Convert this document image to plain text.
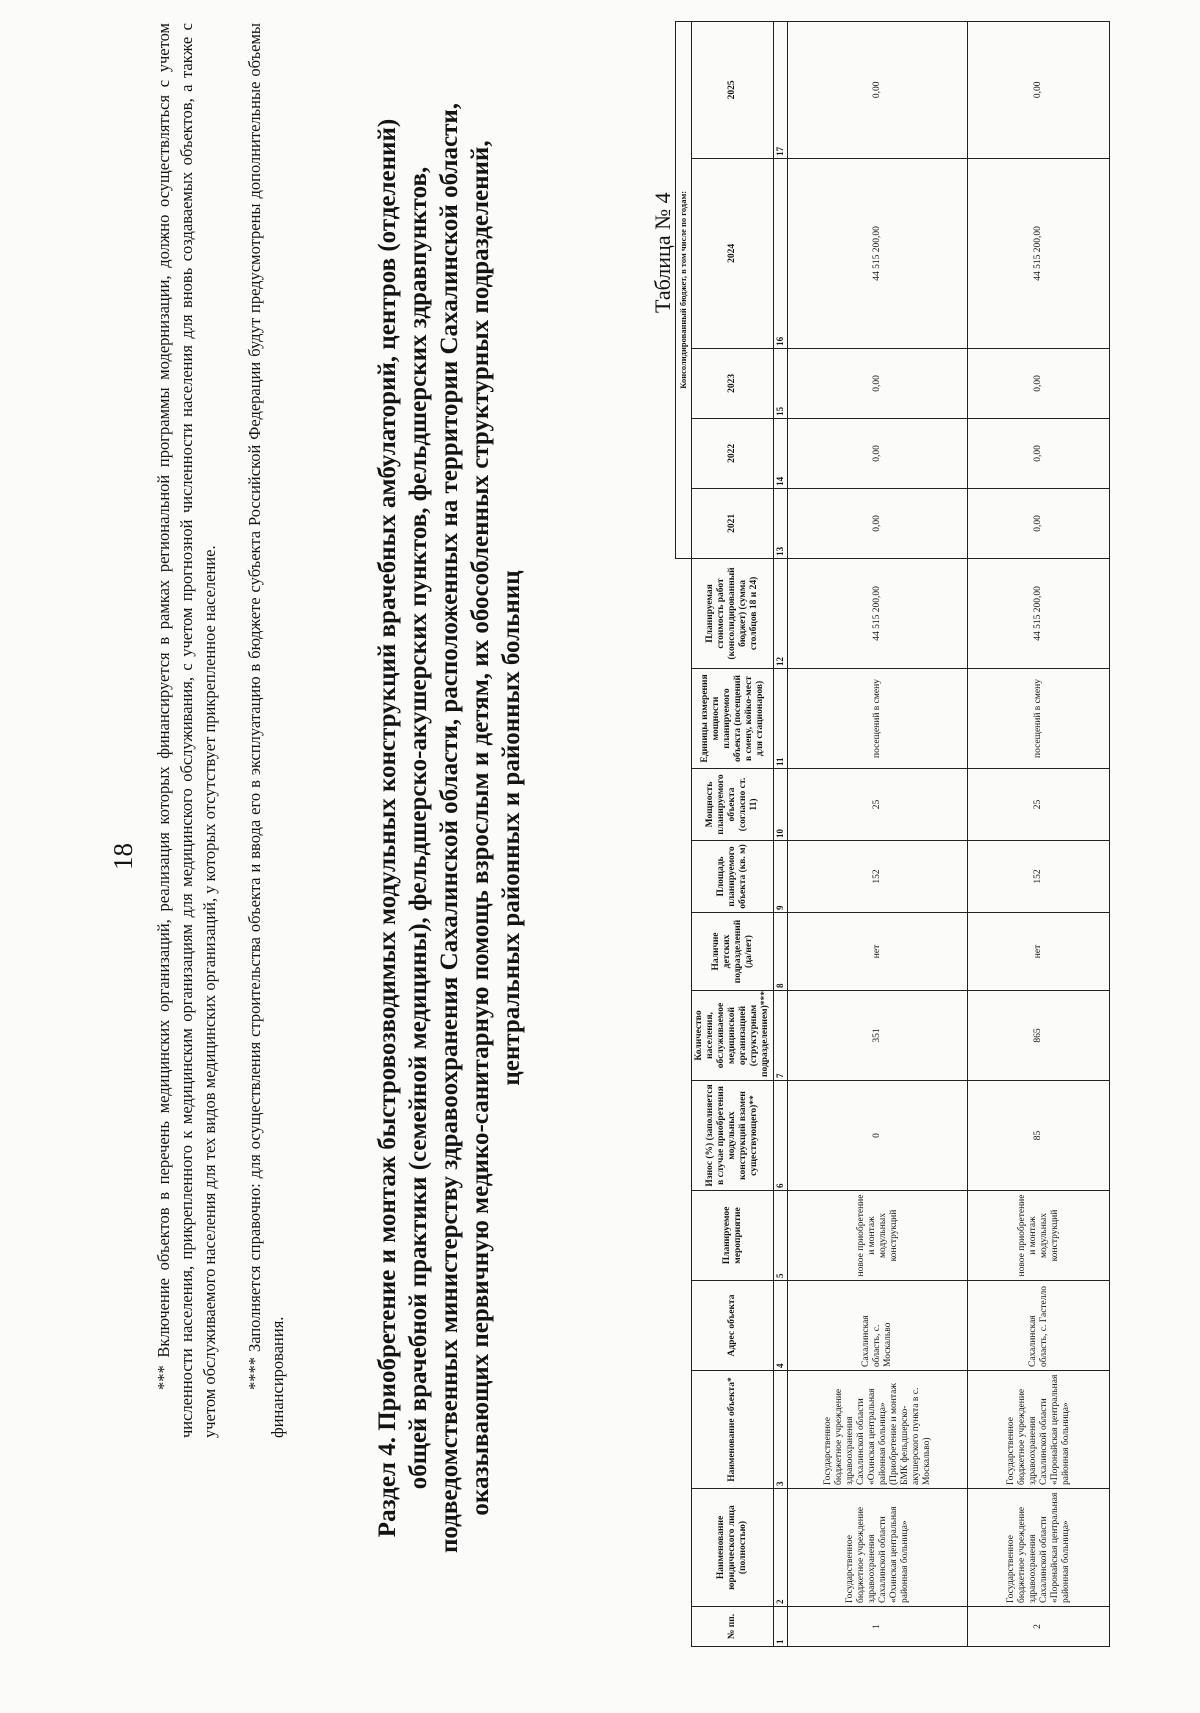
18 *** Включение объектов в перечень медицинских организаций, реализация которых финансируется в рамках региональной программы модернизации, должно осуществляться с учетом численности населения, прикрепленного к медицинским организациям для медицинского обслуживания, с учетом прогнозной численности населения для вновь создаваемых объектов, а также с учетом обслуживаемого населения для тех видов медицинских организаций, у которых отсутствует прикрепленное население. **** Заполняется справочно: для осуществления строительства объекта и ввода его в эксплуатацию в бюджете субъекта Российской Федерации будут предусмотрены дополнительные объемы финансирования.	Раздел 4. Приобретение и монтаж быстровозводимых модульных конструкций врачебных амбулаторий, центров (отделений) общей врачебной практики (семейной медицины), фельдшерско-акушерских пунктов, фельдшерских здравпунктов, подведомственных министерству здравоохранения Сахалинской области, расположенных на территории Сахалинской области, оказывающих первичную медико-санитарную помощь взрослым и детям, их обособленных структурных подразделений, центральных районных и районных больниц
Таблица № 4
												Консолидированный бюджет, в том числе по годам:				
№ пп.	Наименование юридического лица (полностью)	Наименование объекта*	Адрес объекта	Планируемое мероприятие	Износ (%) (заполняется в случае приобретения модульных конструкций взамен существующего)**	Количество населения, обслуживаемое медицинской организацией (структурным подразделением)***	Наличие детских подразделений (да/нет)	Площадь планируемого объекта (кв. м)	Мощность планируемого объекта (согласно ст. 11)	Единицы измерения мощности планируемого объекта (посещений в смену, койко-мест для стационаров)	Планируемая стоимость работ (консолидированный бюджет) (сумма столбцов 18 и 24)	2021	2022	2023	2024	2025
1	2	3	4	5	6	7	8	9	10	11	12	13	14	15	16	17
1	Государственное бюджетное учреждение здравоохранения Сахалинской области «Охинская центральная районная больница»	Государственное бюджетное учреждение здравоохранения Сахалинской области «Охинская центральная районная больница» (Приобретение и монтаж БМК фельдшерско-акушерского пункта в с. Москальво)	Сахалинская область, с. Москальво	новое приобретение и монтаж модульных конструкций	0	351	нет	152	25	посещений в смену	44 515 200,00	0,00	0,00	0,00	44 515 200,00	0,00
2	Государственное бюджетное учреждение здравоохранения Сахалинской области «Поронайская центральная районная больница»	Государственное бюджетное учреждение здравоохранения Сахалинской области «Поронайская центральная районная больница»	Сахалинская область, с. Гастелло	новое приобретение и монтаж модульных конструкций	85	865	нет	152	25	посещений в смену	44 515 200,00	0,00	0,00	0,00	44 515 200,00	0,00
